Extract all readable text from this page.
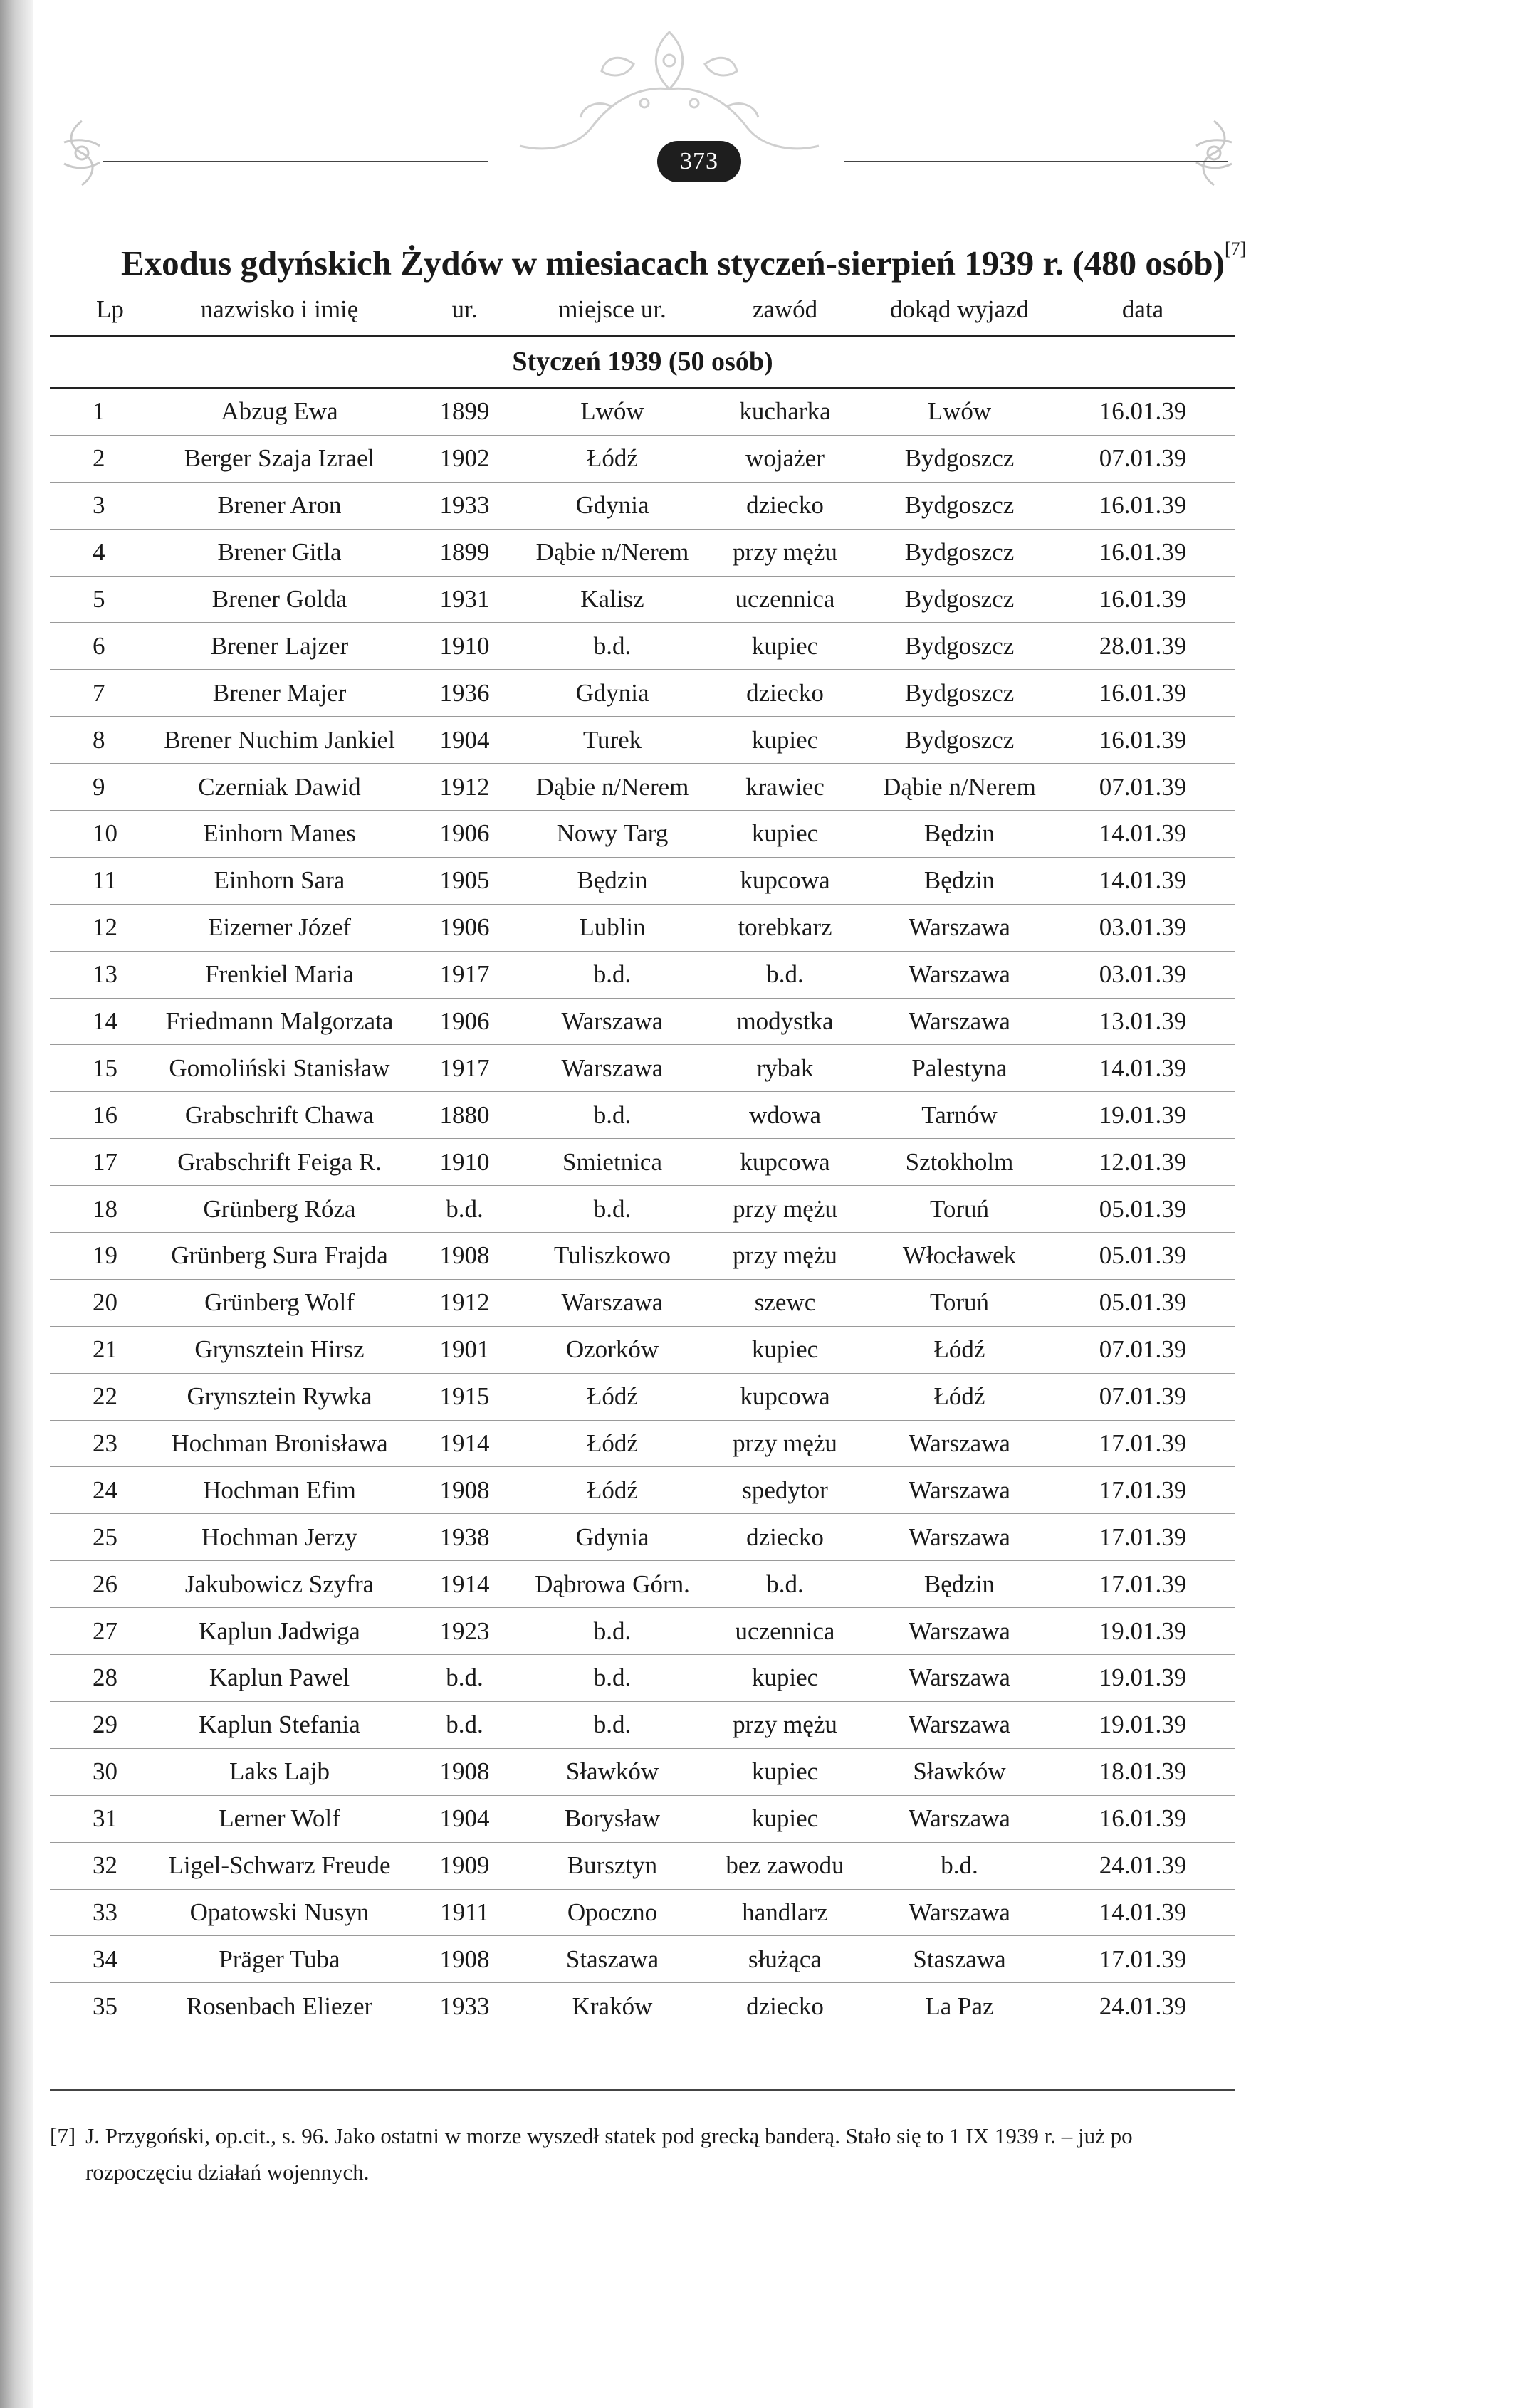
373
Exodus gdyńskich Żydów w miesiacach styczeń-sierpień 1939 r. (480 osób)[7]
Lp	nazwisko i imię	ur.	miejsce ur.	zawód	dokąd wyjazd	data
Styczeń 1939 (50 osób)						
1	Abzug Ewa	1899	Lwów	kucharka	Lwów	16.01.39
2	Berger Szaja Izrael	1902	Łódź	wojażer	Bydgoszcz	07.01.39
3	Brener Aron	1933	Gdynia	dziecko	Bydgoszcz	16.01.39
4	Brener Gitla	1899	Dąbie n/Nerem	przy mężu	Bydgoszcz	16.01.39
5	Brener Golda	1931	Kalisz	uczennica	Bydgoszcz	16.01.39
6	Brener Lajzer	1910	b.d.	kupiec	Bydgoszcz	28.01.39
7	Brener Majer	1936	Gdynia	dziecko	Bydgoszcz	16.01.39
8	Brener Nuchim Jankiel	1904	Turek	kupiec	Bydgoszcz	16.01.39
9	Czerniak Dawid	1912	Dąbie n/Nerem	krawiec	Dąbie n/Nerem	07.01.39
10	Einhorn Manes	1906	Nowy Targ	kupiec	Będzin	14.01.39
11	Einhorn Sara	1905	Będzin	kupcowa	Będzin	14.01.39
12	Eizerner Józef	1906	Lublin	torebkarz	Warszawa	03.01.39
13	Frenkiel Maria	1917	b.d.	b.d.	Warszawa	03.01.39
14	Friedmann Malgorzata	1906	Warszawa	modystka	Warszawa	13.01.39
15	Gomoliński Stanisław	1917	Warszawa	rybak	Palestyna	14.01.39
16	Grabschrift Chawa	1880	b.d.	wdowa	Tarnów	19.01.39
17	Grabschrift Feiga R.	1910	Smietnica	kupcowa	Sztokholm	12.01.39
18	Grünberg Róza	b.d.	b.d.	przy mężu	Toruń	05.01.39
19	Grünberg Sura Frajda	1908	Tuliszkowo	przy mężu	Włocławek	05.01.39
20	Grünberg Wolf	1912	Warszawa	szewc	Toruń	05.01.39
21	Grynsztein Hirsz	1901	Ozorków	kupiec	Łódź	07.01.39
22	Grynsztein Rywka	1915	Łódź	kupcowa	Łódź	07.01.39
23	Hochman Bronisława	1914	Łódź	przy mężu	Warszawa	17.01.39
24	Hochman Efim	1908	Łódź	spedytor	Warszawa	17.01.39
25	Hochman Jerzy	1938	Gdynia	dziecko	Warszawa	17.01.39
26	Jakubowicz Szyfra	1914	Dąbrowa Górn.	b.d.	Będzin	17.01.39
27	Kaplun Jadwiga	1923	b.d.	uczennica	Warszawa	19.01.39
28	Kaplun Pawel	b.d.	b.d.	kupiec	Warszawa	19.01.39
29	Kaplun Stefania	b.d.	b.d.	przy mężu	Warszawa	19.01.39
30	Laks Lajb	1908	Sławków	kupiec	Sławków	18.01.39
31	Lerner Wolf	1904	Borysław	kupiec	Warszawa	16.01.39
32	Ligel-Schwarz Freude	1909	Bursztyn	bez zawodu	b.d.	24.01.39
33	Opatowski Nusyn	1911	Opoczno	handlarz	Warszawa	14.01.39
34	Präger Tuba	1908	Staszawa	służąca	Staszawa	17.01.39
35	Rosenbach Eliezer	1933	Kraków	dziecko	La Paz	24.01.39
[7] J. Przygoński, op.cit., s. 96. Jako ostatni w morze wyszedł statek pod grecką banderą. Stało się to 1 IX 1939 r. – już po
rozpoczęciu działań wojennych.
